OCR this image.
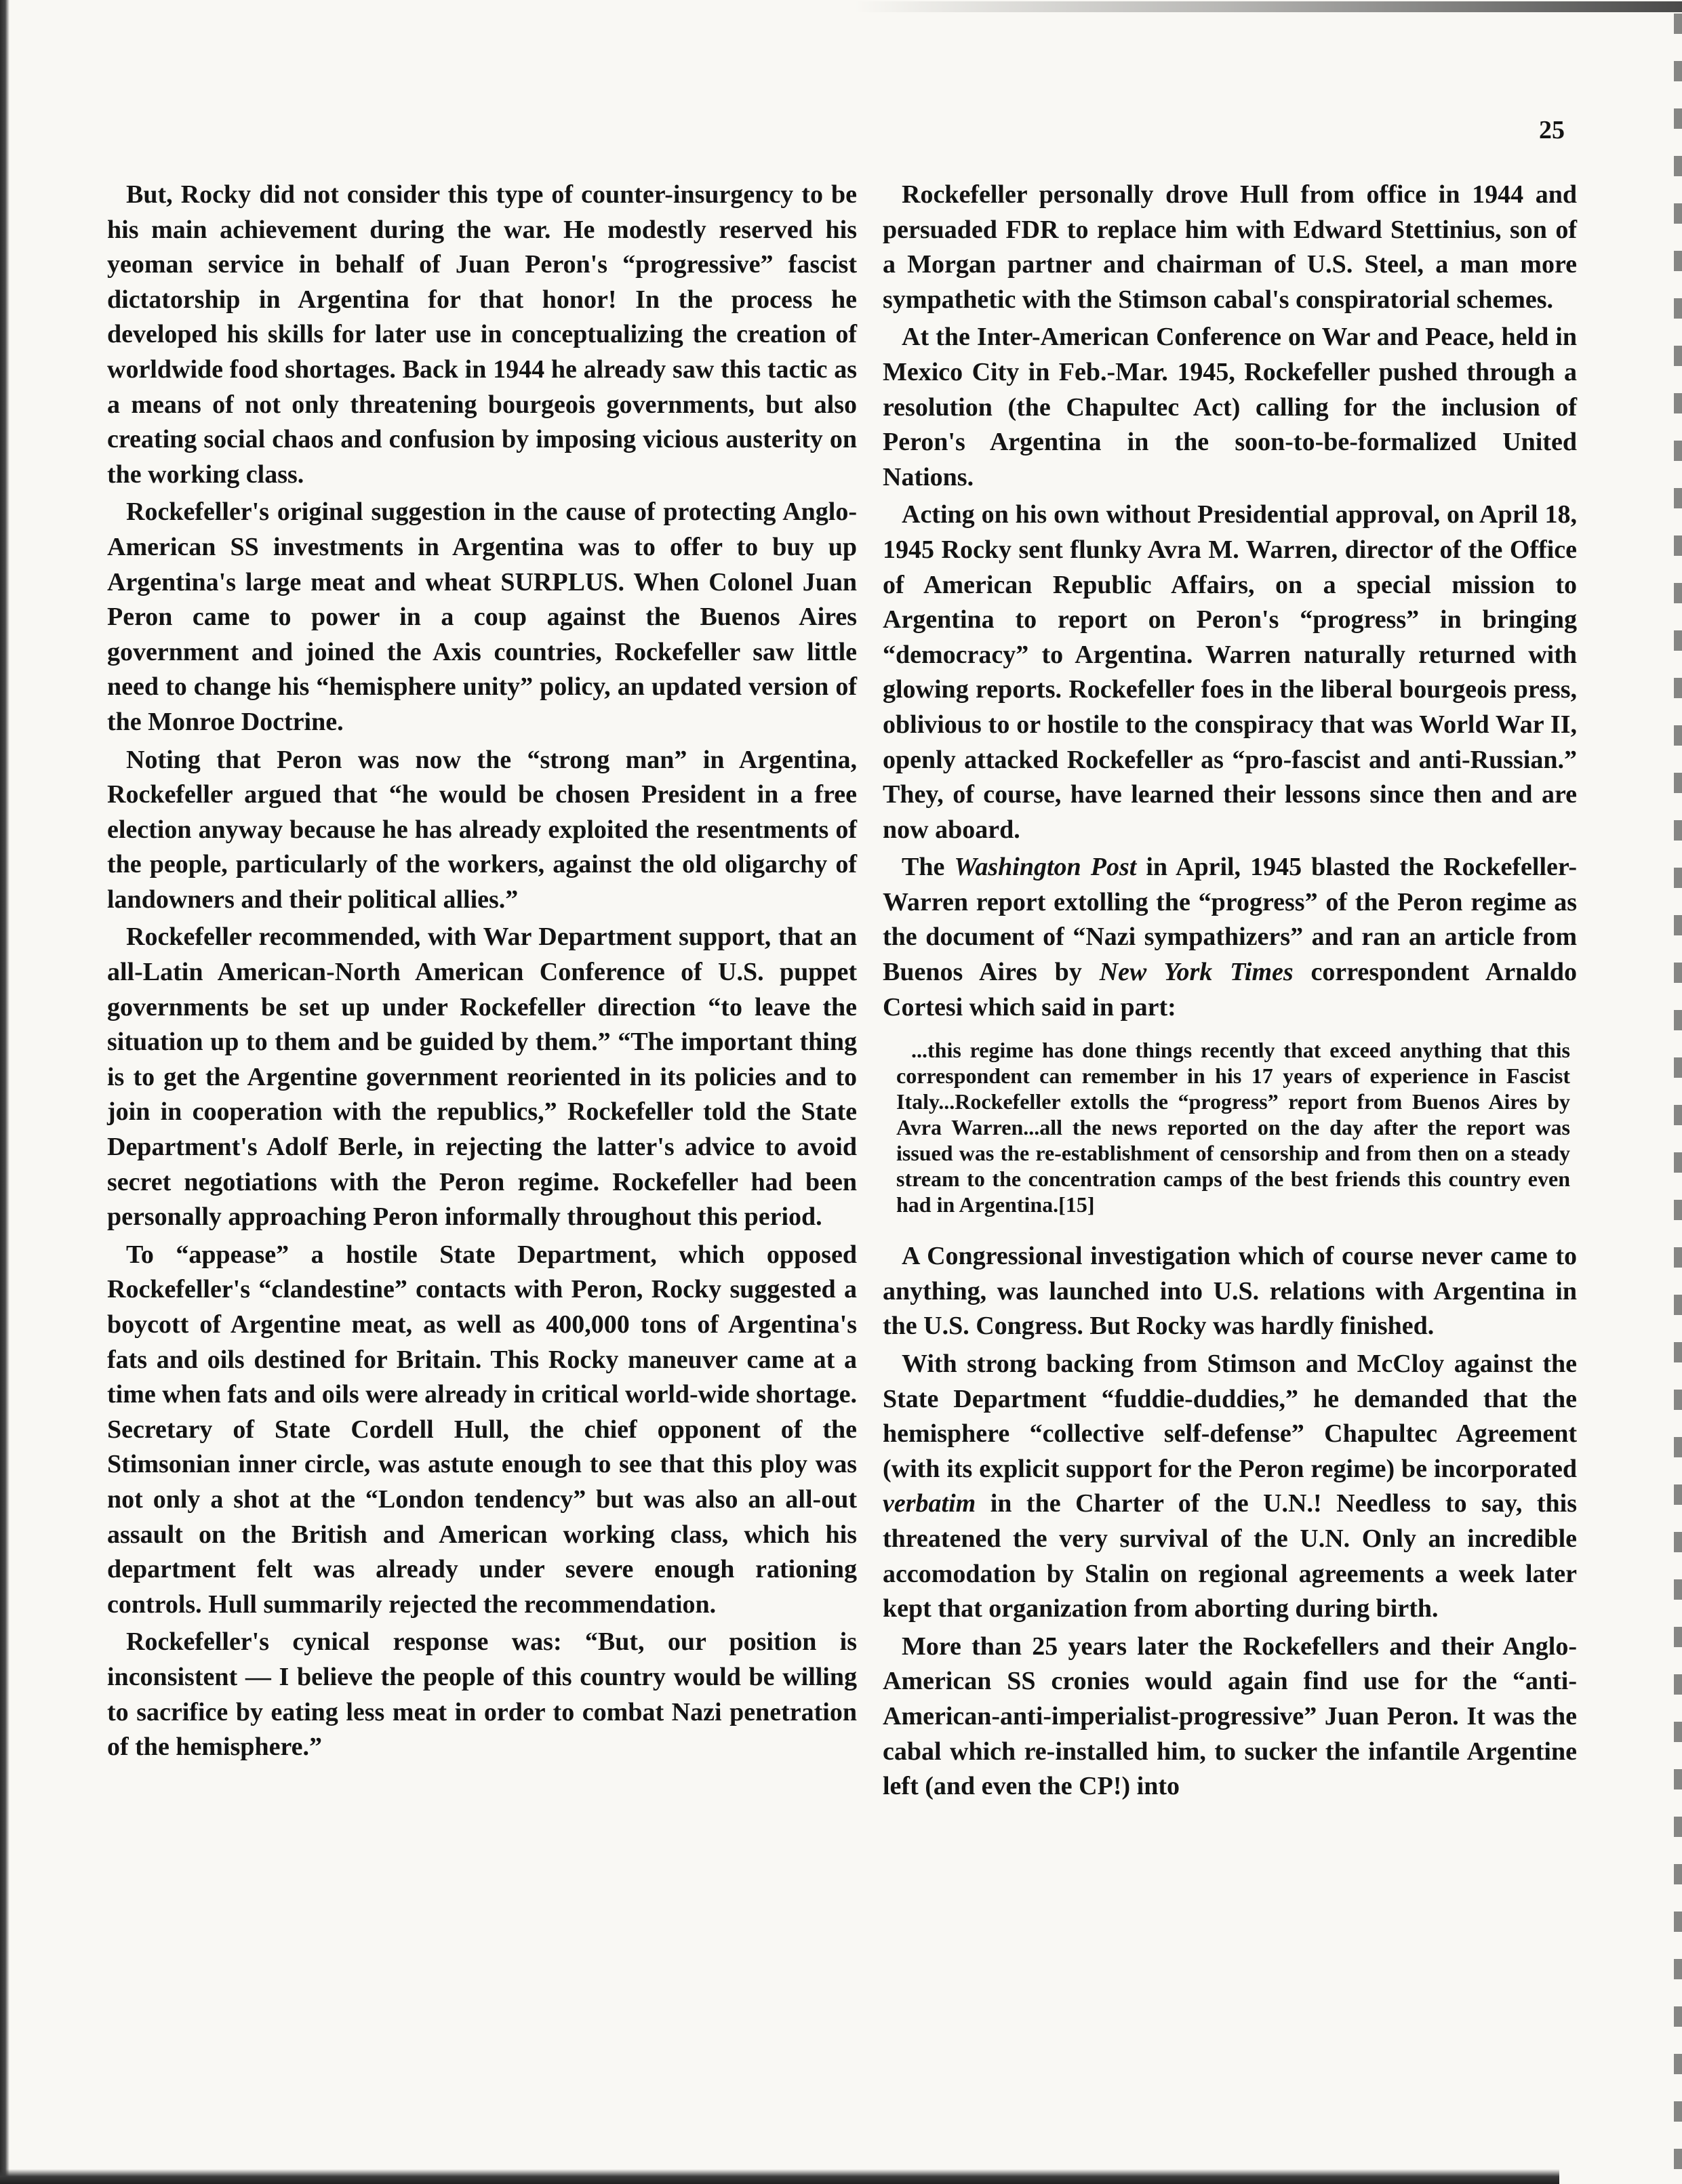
25

But, Rocky did not consider this type of counter-insurgency to be his main achievement during the war. He modestly reserved his yeoman service in behalf of Juan Peron's “progressive” fascist dictatorship in Argentina for that honor! In the process he developed his skills for later use in conceptualizing the creation of worldwide food shortages. Back in 1944 he already saw this tactic as a means of not only threatening bourgeois governments, but also creating social chaos and confusion by imposing vicious austerity on the working class.

Rockefeller's original suggestion in the cause of protecting Anglo-American SS investments in Argentina was to offer to buy up Argentina's large meat and wheat SURPLUS. When Colonel Juan Peron came to power in a coup against the Buenos Aires government and joined the Axis countries, Rockefeller saw little need to change his “hemisphere unity” policy, an updated version of the Monroe Doctrine.

Noting that Peron was now the “strong man” in Argentina, Rockefeller argued that “he would be chosen President in a free election anyway because he has already exploited the resentments of the people, particularly of the workers, against the old oligarchy of landowners and their political allies.”

Rockefeller recommended, with War Department support, that an all-Latin American-North American Conference of U.S. puppet governments be set up under Rockefeller direction “to leave the situation up to them and be guided by them.” “The important thing is to get the Argentine government reoriented in its policies and to join in cooperation with the republics,” Rockefeller told the State Department's Adolf Berle, in rejecting the latter's advice to avoid secret negotiations with the Peron regime. Rockefeller had been personally approaching Peron informally throughout this period.

To “appease” a hostile State Department, which opposed Rockefeller's “clandestine” contacts with Peron, Rocky suggested a boycott of Argentine meat, as well as 400,000 tons of Argentina's fats and oils destined for Britain. This Rocky maneuver came at a time when fats and oils were already in critical world-wide shortage. Secretary of State Cordell Hull, the chief opponent of the Stimsonian inner circle, was astute enough to see that this ploy was not only a shot at the “London tendency” but was also an all-out assault on the British and American working class, which his department felt was already under severe enough rationing controls. Hull summarily rejected the recommendation.

Rockefeller's cynical response was: “But, our position is inconsistent — I believe the people of this country would be willing to sacrifice by eating less meat in order to combat Nazi penetration of the hemisphere.”

Rockefeller personally drove Hull from office in 1944 and persuaded FDR to replace him with Edward Stettinius, son of a Morgan partner and chairman of U.S. Steel, a man more sympathetic with the Stimson cabal's conspiratorial schemes.

At the Inter-American Conference on War and Peace, held in Mexico City in Feb.-Mar. 1945, Rockefeller pushed through a resolution (the Chapultec Act) calling for the inclusion of Peron's Argentina in the soon-to-be-formalized United Nations.

Acting on his own without Presidential approval, on April 18, 1945 Rocky sent flunky Avra M. Warren, director of the Office of American Republic Affairs, on a special mission to Argentina to report on Peron's “progress” in bringing “democracy” to Argentina. Warren naturally returned with glowing reports. Rockefeller foes in the liberal bourgeois press, oblivious to or hostile to the conspiracy that was World War II, openly attacked Rockefeller as “pro-fascist and anti-Russian.” They, of course, have learned their lessons since then and are now aboard.

The Washington Post in April, 1945 blasted the Rockefeller-Warren report extolling the “progress” of the Peron regime as the document of “Nazi sympathizers” and ran an article from Buenos Aires by New York Times correspondent Arnaldo Cortesi which said in part:

...this regime has done things recently that exceed anything that this correspondent can remember in his 17 years of experience in Fascist Italy...Rockefeller extolls the “progress” report from Buenos Aires by Avra Warren...all the news reported on the day after the report was issued was the re-establishment of censorship and from then on a steady stream to the concentration camps of the best friends this country even had in Argentina.[15]

A Congressional investigation which of course never came to anything, was launched into U.S. relations with Argentina in the U.S. Congress. But Rocky was hardly finished.

With strong backing from Stimson and McCloy against the State Department “fuddie-duddies,” he demanded that the hemisphere “collective self-defense” Chapultec Agreement (with its explicit support for the Peron regime) be incorporated verbatim in the Charter of the U.N.! Needless to say, this threatened the very survival of the U.N. Only an incredible accomodation by Stalin on regional agreements a week later kept that organization from aborting during birth.

More than 25 years later the Rockefellers and their Anglo-American SS cronies would again find use for the “anti-American-anti-imperialist-progressive” Juan Peron. It was the cabal which re-installed him, to sucker the infantile Argentine left (and even the CP!) into
